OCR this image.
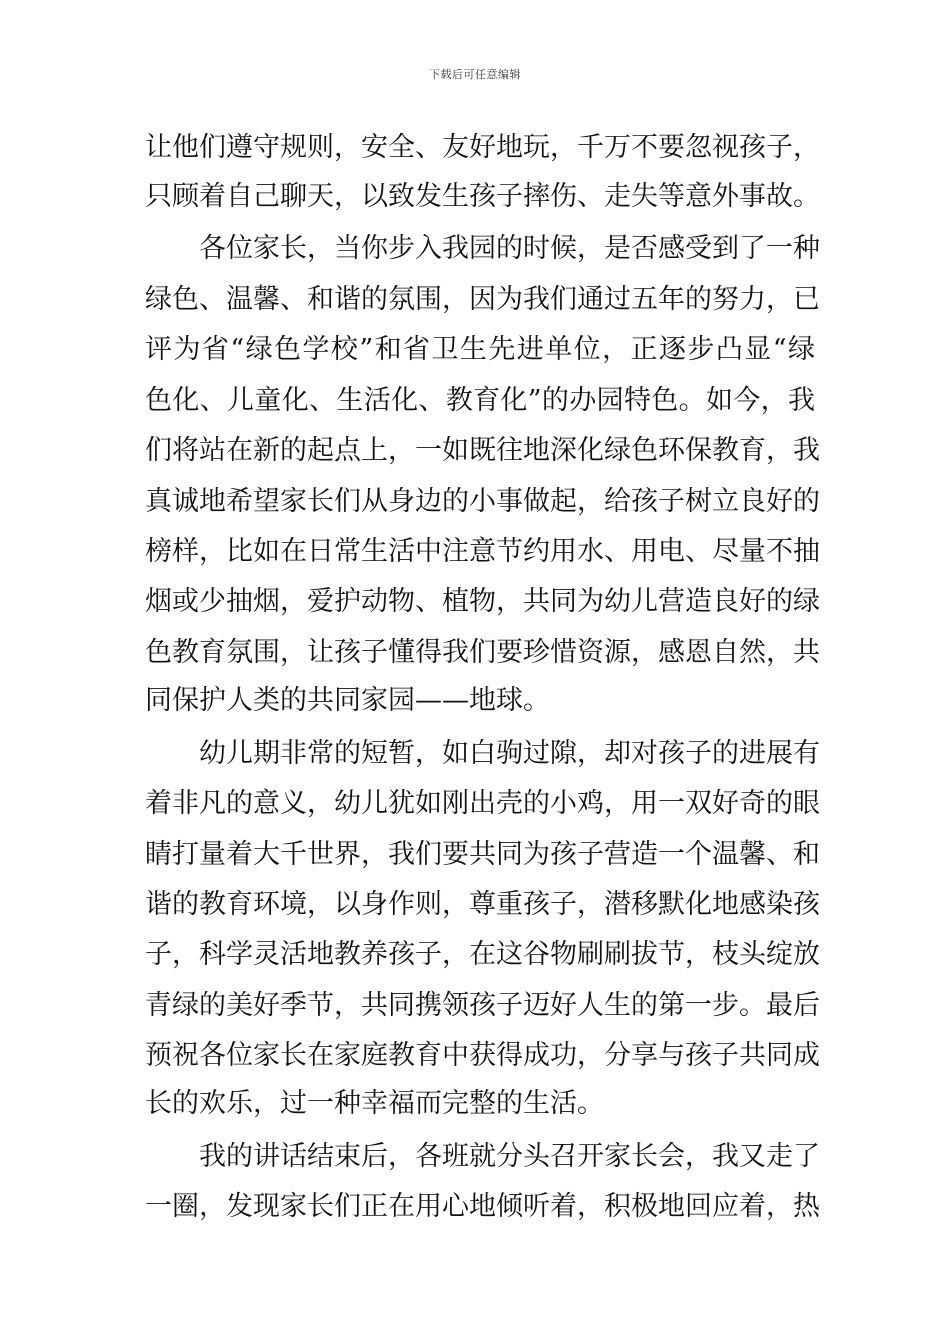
下载后可任意编辑
让他们遵守规则，安全、友好地玩，千万不要忽视孩子，
只顾着自己聊天，以致发生孩子摔伤、走失等意外事故。
　　各位家长，当你步入我园的时候，是否感受到了一种
绿色、温馨、和谐的氛围，因为我们通过五年的努力，已
评为省“绿色学校”和省卫生先进单位，正逐步凸显“绿
色化、儿童化、生活化、教育化”的办园特色。如今，我
们将站在新的起点上，一如既往地深化绿色环保教育，我
真诚地希望家长们从身边的小事做起，给孩子树立良好的
榜样，比如在日常生活中注意节约用水、用电、尽量不抽
烟或少抽烟，爱护动物、植物，共同为幼儿营造良好的绿
色教育氛围，让孩子懂得我们要珍惜资源，感恩自然，共
同保护人类的共同家园——地球。
　　幼儿期非常的短暂，如白驹过隙，却对孩子的进展有
着非凡的意义，幼儿犹如刚出壳的小鸡，用一双好奇的眼
睛打量着大千世界，我们要共同为孩子营造一个温馨、和
谐的教育环境，以身作则，尊重孩子，潜移默化地感染孩
子，科学灵活地教养孩子，在这谷物刷刷拔节，枝头绽放
青绿的美好季节，共同携领孩子迈好人生的第一步。最后
预祝各位家长在家庭教育中获得成功，分享与孩子共同成
长的欢乐，过一种幸福而完整的生活。
　　我的讲话结束后，各班就分头召开家长会，我又走了
一圈，发现家长们正在用心地倾听着，积极地回应着，热
